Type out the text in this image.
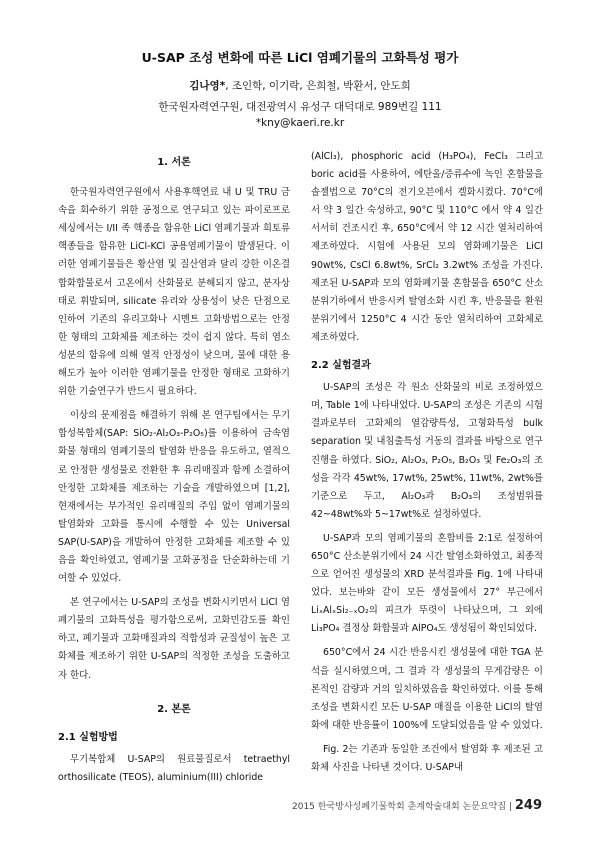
U-SAP 조성 변화에 따른 LiCl 염폐기물의 고화특성 평가
김나영*, 조인학, 이기락, 은희철, 박환서, 안도희
한국원자력연구원, 대전광역시 유성구 대덕대로 989번길 111
*kny@kaeri.re.kr
1. 서론

한국원자력연구원에서 사용후핵연료 내 U 및 TRU 금속을 회수하기 위한 공정으로 연구되고 있는 파이로프로세싱에서는 I/II 족 핵종을 함유한 LiCl 염폐기물과 희토류 핵종들을 함유한 LiCl-KCl 공용염폐기물이 발생된다. 이러한 염폐기물들은 황산염 및 질산염과 달리 강한 이온결합화합물로서 고온에서 산화물로 분해되지 않고, 분자상태로 휘발되며, silicate 유리와 상용성이 낮은 단점으로 인하여 기존의 유리고화나 시멘트 고화방법으로는 안정한 형태의 고화체를 제조하는 것이 쉽지 않다. 특히 염소성분의 함유에 의해 열적 안정성이 낮으며, 물에 대한 용해도가 높아 이러한 염폐기물을 안정한 형태로 고화하기 위한 기술연구가 반드시 필요하다.

이상의 문제점을 해결하기 위해 본 연구팀에서는 무기합성복합체(SAP: SiO₂-Al₂O₃-P₂O₅)를 이용하여 금속염화물 형태의 염폐기물의 탈염화 반응을 유도하고, 열적으로 안정한 생성물로 전환한 후 유리매질과 함께 소결하여 안정한 고화체를 제조하는 기술을 개발하였으며 [1,2], 현재에서는 부가적인 유리매질의 주입 없이 염폐기물의 탈염화와 고화를 통시에 수행할 수 있는 Universal SAP(U-SAP)을 개발하여 안정한 고화체를 제조할 수 있음을 확인하였고, 염폐기물 고화공정을 단순화하는데 기여할 수 있었다.

본 연구에서는 U-SAP의 조성을 변화시키면서 LiCl 염폐기물의 고화특성을 평가함으로써, 고화민감도를 확인하고, 폐기물과 고화매질과의 적합성과 균질성이 높은 고화체를 제조하기 위한 U-SAP의 적정한 조성을 도출하고자 한다.

2. 본론
2.1 실험방법

무기복합체 U-SAP의 원료물질로서 tetraethyl orthosilicate (TEOS), aluminium(III) chloride

(AlCl₃), phosphoric acid (H₃PO₄), FeCl₃ 그리고 boric acid를 사용하여, 에탄올/증류수에 녹인 혼합물을 솔젤법으로 70°C의 전기오븐에서 겔화시켰다. 70°C에서 약 3 일간 숙성하고, 90°C 및 110°C 에서 약 4 일간 서서히 건조시킨 후, 650°C에서 약 12 시간 열처리하여 제조하였다. 시험에 사용된 모의 염화폐기물은 LiCl 90wt%, CsCl 6.8wt%, SrCl₂ 3.2wt% 조성을 가진다. 제조된 U-SAP과 모의 염화폐기물 혼합물을 650°C 산소분위기하에서 반응시켜 탈염소화 시킨 후, 반응물을 환원분위기에서 1250°C 4 시간 동안 열처리하여 고화체로 제조하였다.

2.2 실험결과

U-SAP의 조성은 각 원소 산화물의 비로 조정하였으며, Table 1에 나타내었다. U-SAP의 조성은 기존의 시험 결과로부터 고화체의 열감량특성, 고형화특성 bulk separation 및 내침출특성 거동의 결과를 바탕으로 연구 진행을 하였다. SiO₂, Al₂O₃, P₂O₅, B₂O₃ 및 Fe₂O₃의 조성을 각각 45wt%, 17wt%, 25wt%, 11wt%, 2wt%를 기준으로 두고, Al₂O₃과 B₂O₃의 조성범위를 42~48wt%와 5~17wt%로 설정하였다.

U-SAP과 모의 염폐기물의 혼합비를 2:1로 설정하여 650°C 산소분위기에서 24 시간 탈염소화하였고, 최종적으로 얻어진 생성물의 XRD 분석결과를 Fig. 1에 나타내었다. 보는바와 같이 모든 생성물에서 27° 부근에서 LiₓAlₓSi₂₋ₓO₂의 피크가 뚜렷이 나타났으며, 그 외에 Li₃PO₄ 결정상 화합물과 AlPO₄도 생성됨이 확인되었다.

650°C에서 24 시간 반응시킨 생성물에 대한 TGA 분석을 실시하였으며, 그 결과 각 생성물의 무게감량은 이론적인 감량과 거의 일치하였음을 확인하였다. 이를 통해 조성을 변화시킨 모든 U-SAP 매질을 이용한 LiCl의 탈염화에 대한 반응률이 100%에 도달되었음을 알 수 있었다.

Fig. 2는 기존과 동일한 조건에서 탈염화 후 제조된 고화체 사진을 나타낸 것이다. U-SAP내

2015 한국방사성폐기물학회 춘계학술대회 논문요약집 | 249
